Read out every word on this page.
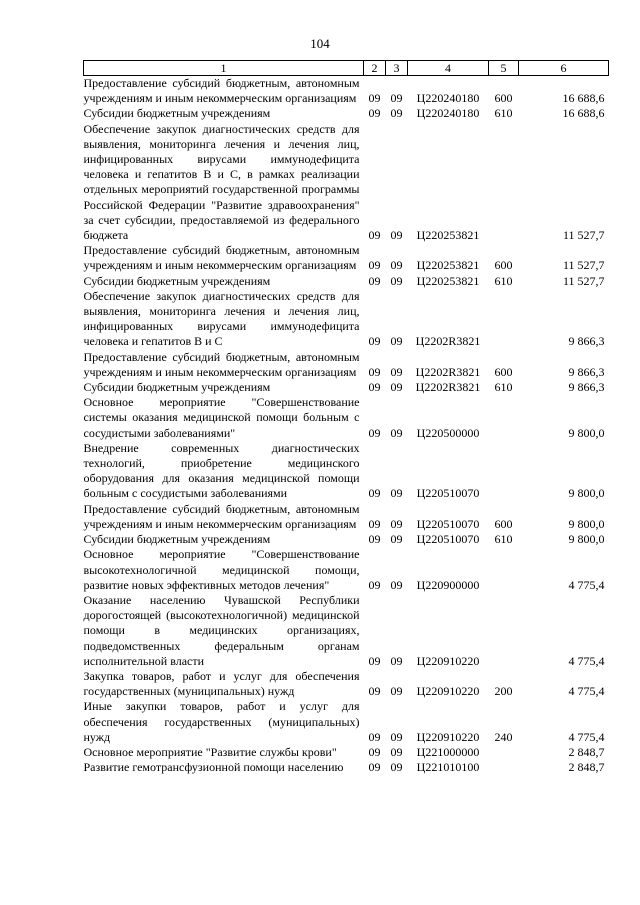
104
1	2	3	4	5	6
Предоставление субсидий бюджетным, автономным учреждениям и иным некоммерческим организациям	09	09	Ц220240180	600	16 688,6
Субсидии бюджетным учреждениям	09	09	Ц220240180	610	16 688,6
Обеспечение закупок диагностических средств для выявления, мониторинга лечения и лечения лиц, инфицированных вирусами иммунодефицита человека и гепатитов В и С, в рамках реализации отдельных мероприятий государственной программы Российской Федерации "Развитие здравоохранения" за счет субсидии, предоставляемой из федерального бюджета	09	09	Ц220253821		11 527,7
Предоставление субсидий бюджетным, автономным учреждениям и иным некоммерческим организациям	09	09	Ц220253821	600	11 527,7
Субсидии бюджетным учреждениям	09	09	Ц220253821	610	11 527,7
Обеспечение закупок диагностических средств для выявления, мониторинга лечения и лечения лиц, инфицированных вирусами иммунодефицита человека и гепатитов В и С	09	09	Ц2202R3821		9 866,3
Предоставление субсидий бюджетным, автономным учреждениям и иным некоммерческим организациям	09	09	Ц2202R3821	600	9 866,3
Субсидии бюджетным учреждениям	09	09	Ц2202R3821	610	9 866,3
Основное мероприятие "Совершенствование системы оказания медицинской помощи больным с сосудистыми заболеваниями"	09	09	Ц220500000		9 800,0
Внедрение современных диагностических технологий, приобретение медицинского оборудования для оказания медицинской помощи больным с сосудистыми заболеваниями	09	09	Ц220510070		9 800,0
Предоставление субсидий бюджетным, автономным учреждениям и иным некоммерческим организациям	09	09	Ц220510070	600	9 800,0
Субсидии бюджетным учреждениям	09	09	Ц220510070	610	9 800,0
Основное мероприятие "Совершенствование высокотехнологичной медицинской помощи, развитие новых эффективных методов лечения"	09	09	Ц220900000		4 775,4
Оказание населению Чувашской Республики дорогостоящей (высокотехнологичной) медицинской помощи в медицинских организациях, подведомственных федеральным органам исполнительной власти	09	09	Ц220910220		4 775,4
Закупка товаров, работ и услуг для обеспечения государственных (муниципальных) нужд	09	09	Ц220910220	200	4 775,4
Иные закупки товаров, работ и услуг для обеспечения государственных (муниципальных) нужд	09	09	Ц220910220	240	4 775,4
Основное мероприятие "Развитие службы крови"	09	09	Ц221000000		2 848,7
Развитие гемотрансфузионной помощи населению	09	09	Ц221010100		2 848,7
